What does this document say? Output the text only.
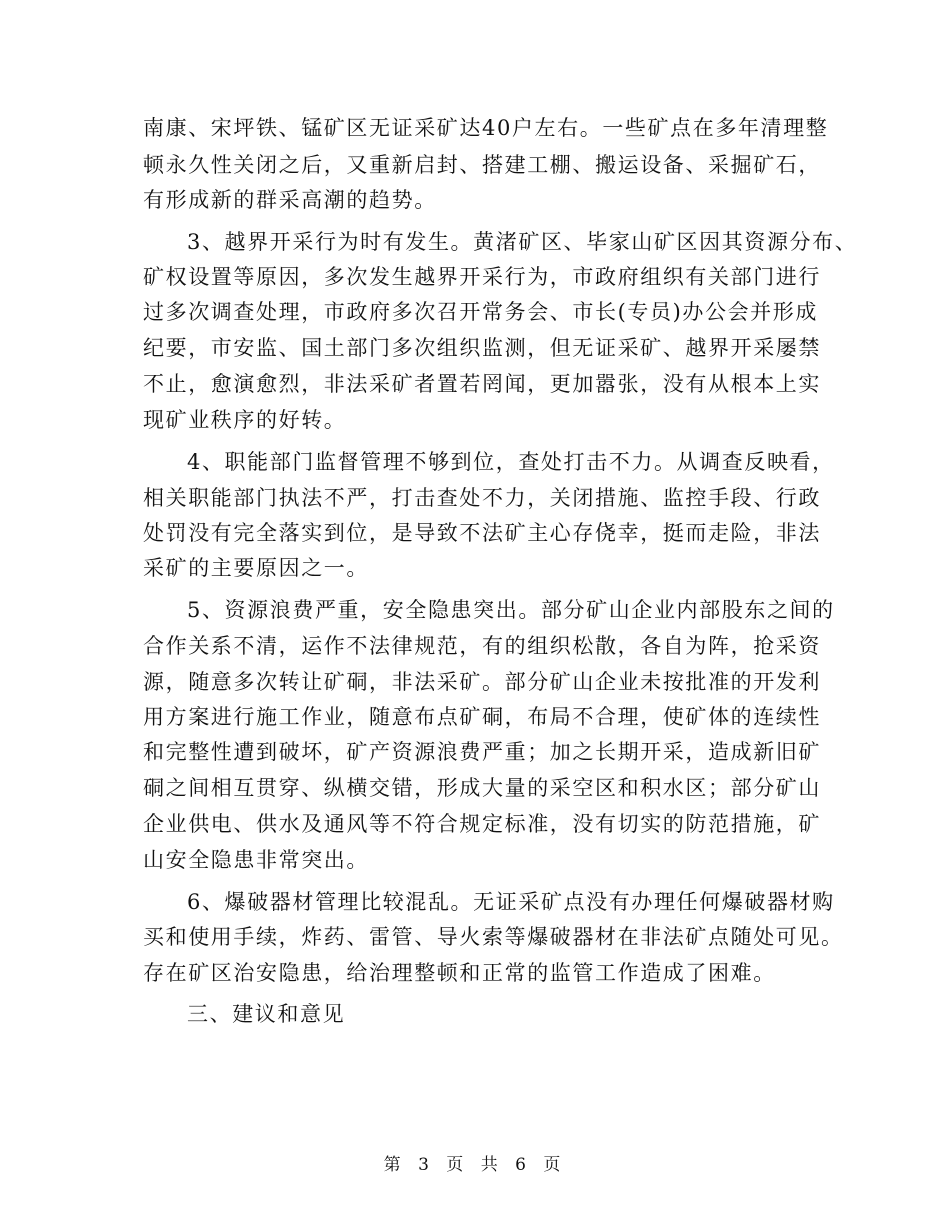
南康、宋坪铁、锰矿区无证采矿达40户左右。一些矿点在多年清理整
顿永久性关闭之后，又重新启封、搭建工棚、搬运设备、采掘矿石，
有形成新的群采高潮的趋势。
3、越界开采行为时有发生。黄渚矿区、毕家山矿区因其资源分布、
矿权设置等原因，多次发生越界开采行为，市政府组织有关部门进行
过多次调查处理，市政府多次召开常务会、市长(专员)办公会并形成
纪要，市安监、国土部门多次组织监测，但无证采矿、越界开采屡禁
不止，愈演愈烈，非法采矿者置若罔闻，更加嚣张，没有从根本上实
现矿业秩序的好转。
4、职能部门监督管理不够到位，查处打击不力。从调查反映看，
相关职能部门执法不严，打击查处不力，关闭措施、监控手段、行政
处罚没有完全落实到位，是导致不法矿主心存侥幸，挺而走险，非法
采矿的主要原因之一。
5、资源浪费严重，安全隐患突出。部分矿山企业内部股东之间的
合作关系不清，运作不法律规范，有的组织松散，各自为阵，抢采资
源，随意多次转让矿硐，非法采矿。部分矿山企业未按批准的开发利
用方案进行施工作业，随意布点矿硐，布局不合理，使矿体的连续性
和完整性遭到破坏，矿产资源浪费严重；加之长期开采，造成新旧矿
硐之间相互贯穿、纵横交错，形成大量的采空区和积水区；部分矿山
企业供电、供水及通风等不符合规定标准，没有切实的防范措施，矿
山安全隐患非常突出。
6、爆破器材管理比较混乱。无证采矿点没有办理任何爆破器材购
买和使用手续，炸药、雷管、导火索等爆破器材在非法矿点随处可见。
存在矿区治安隐患，给治理整顿和正常的监管工作造成了困难。
三、建议和意见
第 3 页 共 6 页
